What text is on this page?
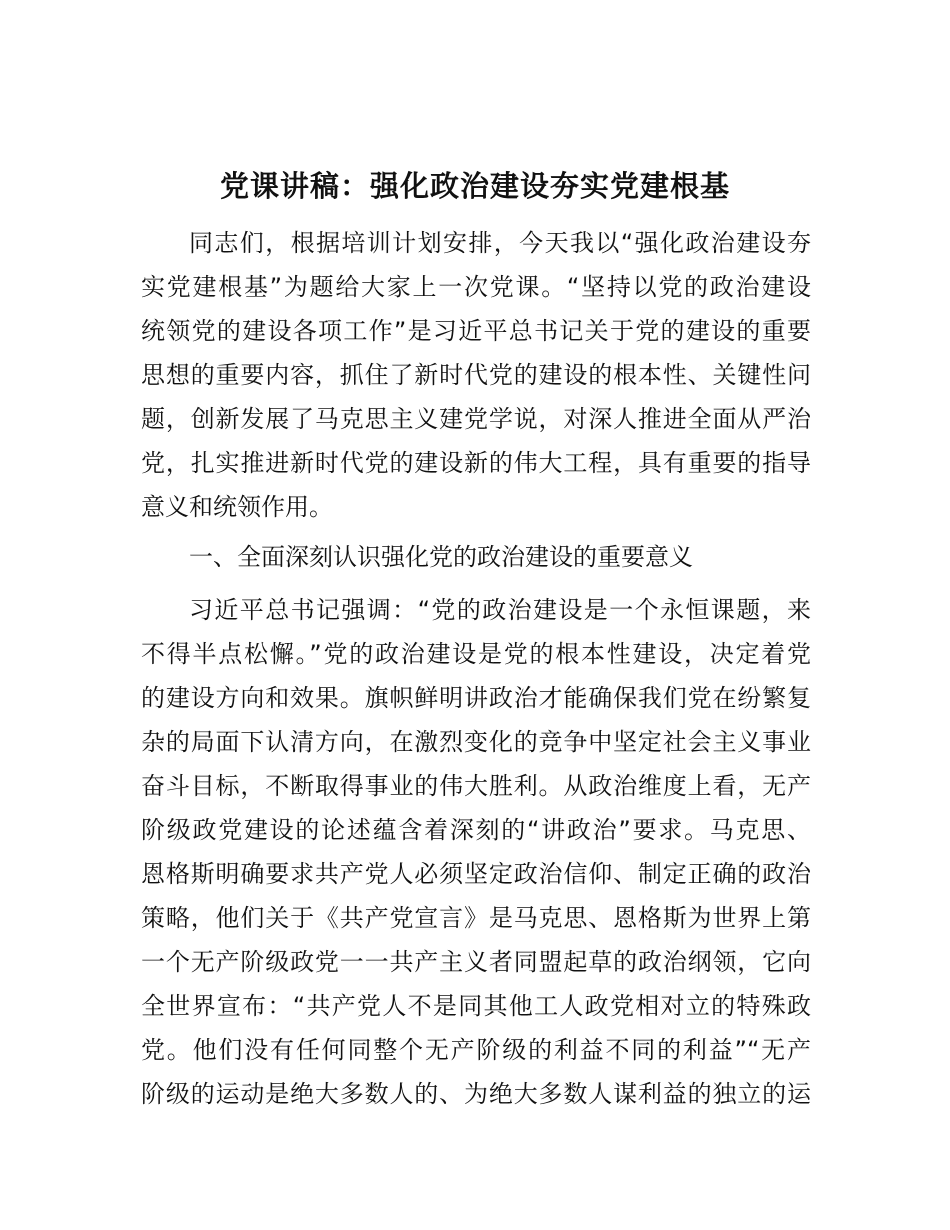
党课讲稿：强化政治建设夯实党建根基

同志们，根据培训计划安排，今天我以“强化政治建设夯

实党建根基”为题给大家上一次党课。“坚持以党的政治建设

统领党的建设各项工作”是习近平总书记关于党的建设的重要

思想的重要内容，抓住了新时代党的建设的根本性、关键性问

题，创新发展了马克思主义建党学说，对深人推进全面从严治

党，扎实推进新时代党的建设新的伟大工程，具有重要的指导

意义和统领作用。

一、全面深刻认识强化党的政治建设的重要意义

习近平总书记强调：“党的政治建设是一个永恒课题，来

不得半点松懈。”党的政治建设是党的根本性建设，决定着党

的建设方向和效果。旗帜鲜明讲政治才能确保我们党在纷繁复

杂的局面下认清方向，在激烈变化的竞争中坚定社会主义事业

奋斗目标，不断取得事业的伟大胜利。从政治维度上看，无产

阶级政党建设的论述蕴含着深刻的“讲政治”要求。马克思、

恩格斯明确要求共产党人必须坚定政治信仰、制定正确的政治

策略，他们关于《共产党宣言》是马克思、恩格斯为世界上第

一个无产阶级政党一一共产主义者同盟起草的政治纲领，它向

全世界宣布：“共产党人不是同其他工人政党相对立的特殊政

党。他们没有任何同整个无产阶级的利益不同的利益”“无产

阶级的运动是绝大多数人的、为绝大多数人谋利益的独立的运
